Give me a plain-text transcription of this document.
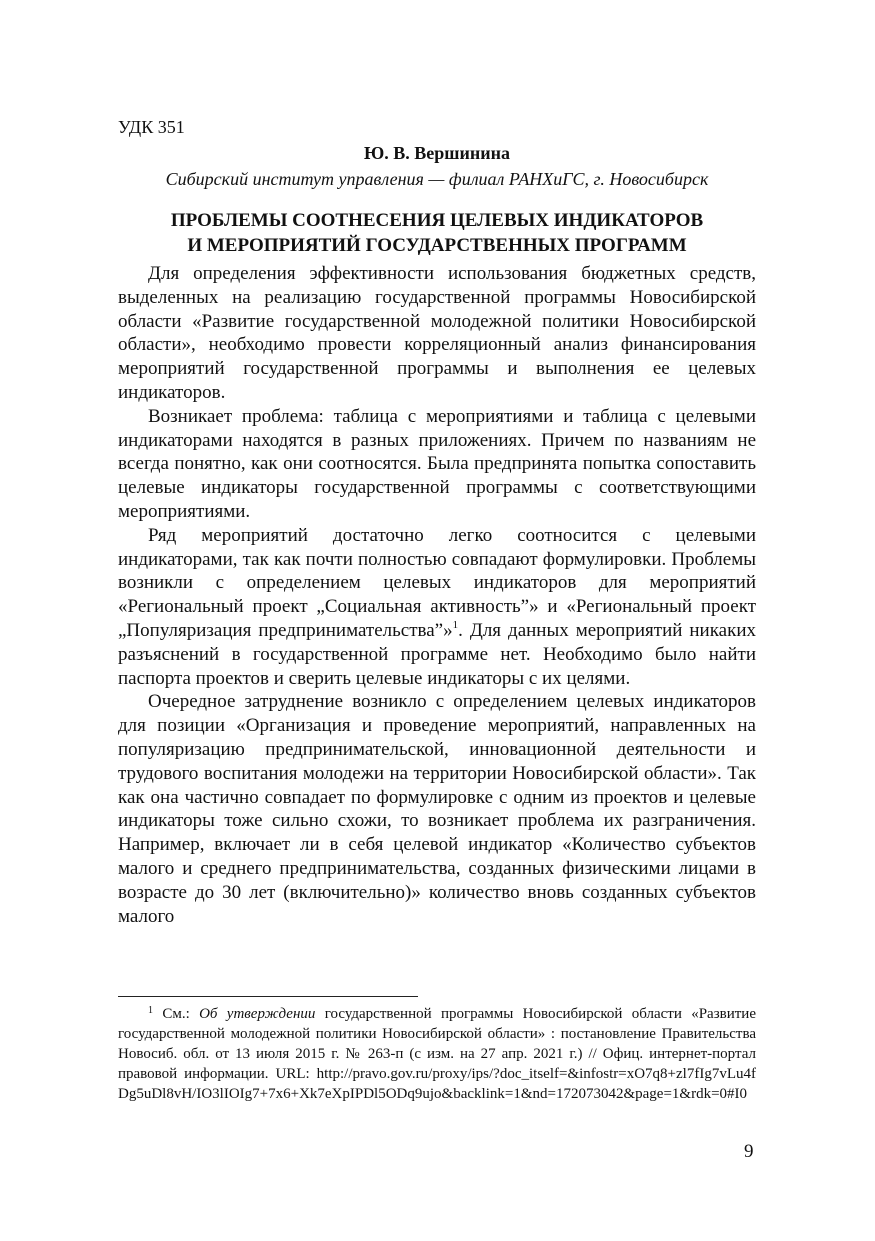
УДК 351

Ю. В. Вершинина

Сибирский институт управления — филиал РАНХиГС, г. Новосибирск

ПРОБЛЕМЫ СООТНЕСЕНИЯ ЦЕЛЕВЫХ ИНДИКАТОРОВ
И МЕРОПРИЯТИЙ ГОСУДАРСТВЕННЫХ ПРОГРАММ

Для определения эффективности использования бюджетных средств, выделенных на реализацию государственной программы Новосибирской области «Развитие государственной молодежной политики Новосибирской области», необходимо провести корреляционный анализ финансирования мероприятий государственной программы и выполнения ее целевых индикаторов.

Возникает проблема: таблица с мероприятиями и таблица с целевыми индикаторами находятся в разных приложениях. Причем по названиям не всегда понятно, как они соотносятся. Была предпринята попытка сопоставить целевые индикаторы государственной программы с соответствующими мероприятиями.

Ряд мероприятий достаточно легко соотносится с целевыми индикаторами, так как почти полностью совпадают формулировки. Проблемы возникли с определением целевых индикаторов для мероприятий «Региональный проект „Социальная активность”» и «Региональный проект „Популяризация предпринимательства”»$^1$. Для данных мероприятий никаких разъяснений в государственной программе нет. Необходимо было найти паспорта проектов и сверить целевые индикаторы с их целями.

Очередное затруднение возникло с определением целевых индикаторов для позиции «Организация и проведение мероприятий, направленных на популяризацию предпринимательской, инновационной деятельности и трудового воспитания молодежи на территории Новосибирской области». Так как она частично совпадает по формулировке с одним из проектов и целевые индикаторы тоже сильно схожи, то возникает проблема их разграничения. Например, включает ли в себя целевой индикатор «Количество субъектов малого и среднего предпринимательства, созданных физическими лицами в возрасте до 30 лет (включительно)» количество вновь созданных субъектов малого

$^1$ См.: Об утверждении государственной программы Новосибирской области «Развитие государственной молодежной политики Новосибирской области» : постановление Правительства Новосиб. обл. от 13 июля 2015 г. № 263-п (с изм. на 27 апр. 2021 г.) // Офиц. интернет-портал правовой информации. URL: http://pravo.gov.ru/proxy/ips/?doc_itself=&infostr=xO7q8+zl7fIg7vLu4fDg5uDl8vH/IO3lIOIg7+7x6+Xk7eXpIPDl5ODq9ujo&backlink=1&nd=172073042&page=1&rdk=0#I0

9
